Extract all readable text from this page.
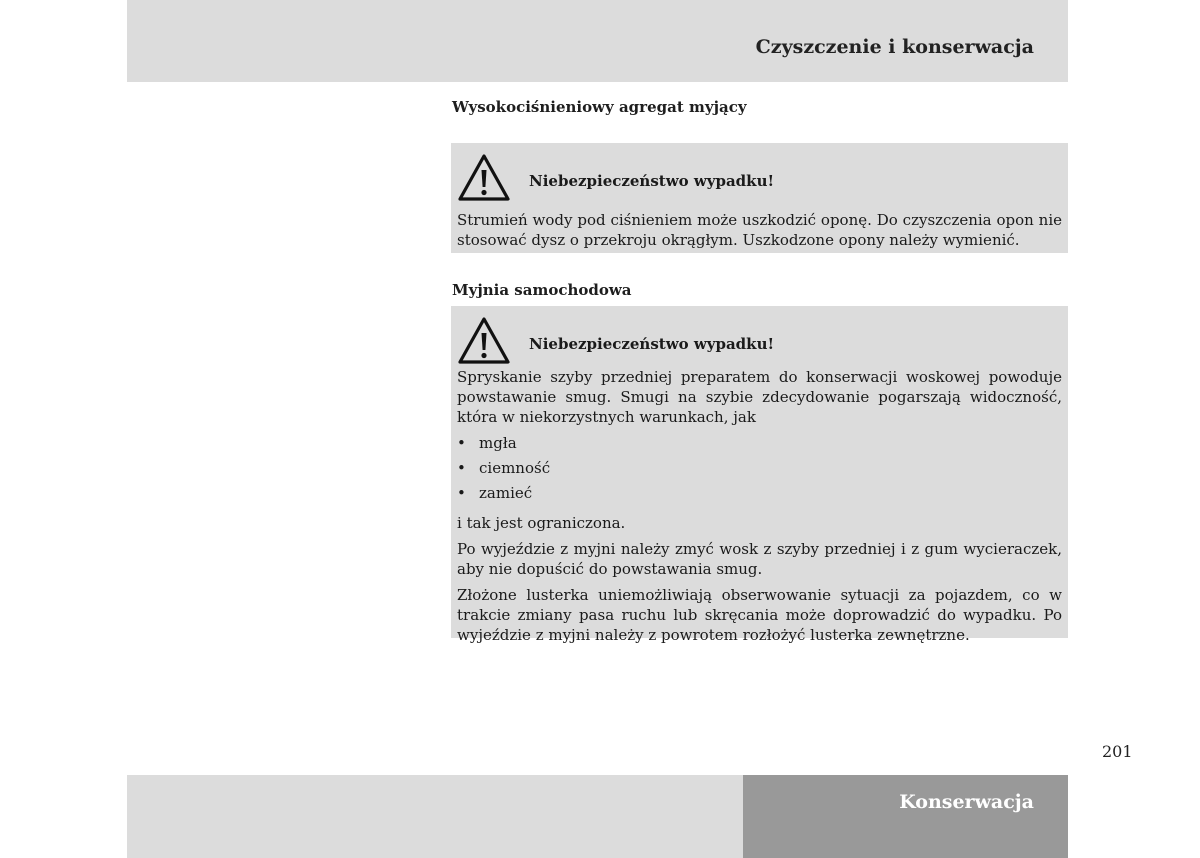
Czyszczenie i konserwacja
Wysokociśnieniowy agregat myjący
Niebezpieczeństwo wypadku!

Strumień wody pod ciśnieniem może uszkodzić oponę. Do czyszczenia opon nie stosować dysz o przekroju okrągłym. Uszkodzone opony należy wymienić.

Myjnia samochodowa
Niebezpieczeństwo wypadku!

Spryskanie szyby przedniej preparatem do konserwacji woskowej powoduje powstawanie smug. Smugi na szybie zdecydowanie pogarszają widoczność, która w niekorzystnych warunkach, jak

• mgła
• ciemność
• zamieć

i tak jest ograniczona.

Po wyjeździe z myjni należy zmyć wosk z szyby przedniej i z gum wycieraczek, aby nie dopuścić do powstawania smug.

Złożone lusterka uniemożliwiają obserwowanie sytuacji za pojazdem, co w trakcie zmiany pasa ruchu lub skręcania może doprowadzić do wypadku. Po wyjeździe z myjni należy z powrotem rozłożyć lusterka zewnętrzne.

201
Konserwacja
